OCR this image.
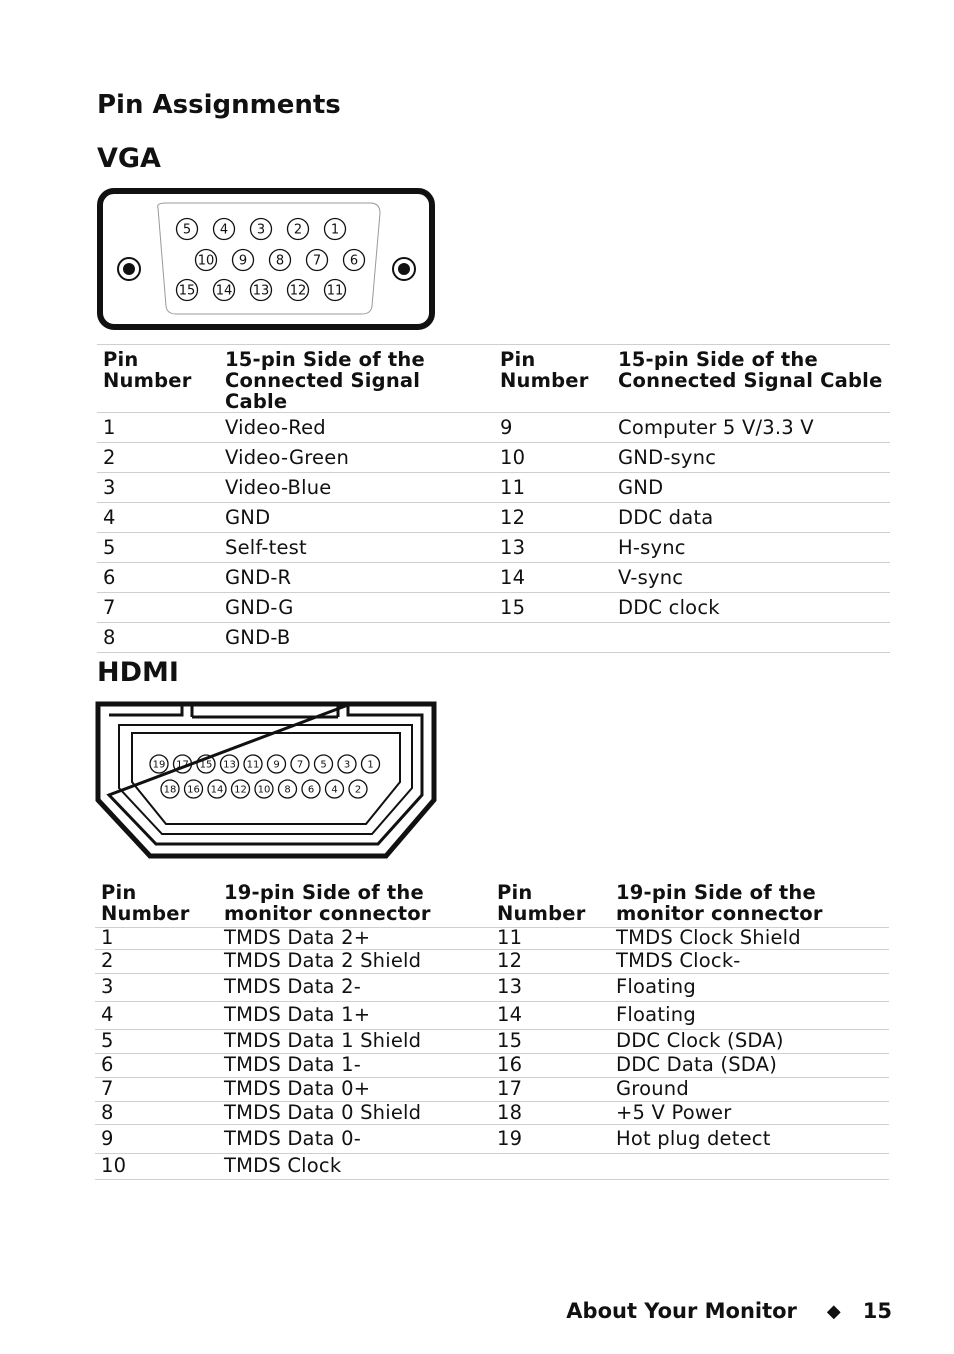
Pin Assignments
VGA
5 4 3 2 1
10 9 8 7 6
15 14 13 12 11
Pin Number	15-pin Side of the Connected Signal Cable	Pin Number	15-pin Side of the Connected Signal Cable
1	Video-Red	9	Computer 5 V/3.3 V
2	Video-Green	10	GND-sync
3	Video-Blue	11	GND
4	GND	12	DDC data
5	Self-test	13	H-sync
6	GND-R	14	V-sync
7	GND-G	15	DDC clock
8	GND-B		
HDMI
19 17 15 13 11 9 7 5 3 1
18 16 14 12 10 8 6 4 2
Pin Number	19-pin Side of the monitor connector	Pin Number	19-pin Side of the monitor connector
1	TMDS Data 2+	11	TMDS Clock Shield
2	TMDS Data 2 Shield	12	TMDS Clock-
3	TMDS Data 2-	13	Floating
4	TMDS Data 1+	14	Floating
5	TMDS Data 1 Shield	15	DDC Clock (SDA)
6	TMDS Data 1-	16	DDC Data (SDA)
7	TMDS Data 0+	17	Ground
8	TMDS Data 0 Shield	18	+5 V Power
9	TMDS Data 0-	19	Hot plug detect
10	TMDS Clock		
About Your Monitor ◆ 15
